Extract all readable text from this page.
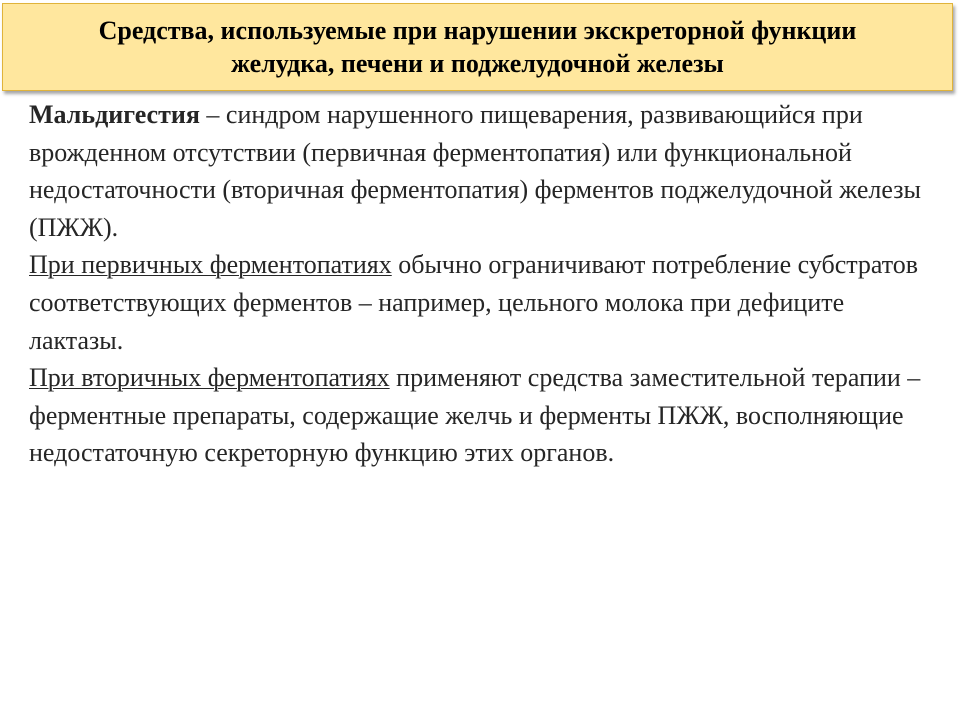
Средства, используемые при нарушении экскреторной функции желудка, печени и поджелудочной железы

Мальдигестия – синдром нарушенного пищеварения, развивающийся при врожденном отсутствии (первичная ферментопатия) или функциональной недостаточности (вторичная ферментопатия) ферментов поджелудочной железы (ПЖЖ).

При первичных ферментопатиях обычно ограничивают потребление субстратов соответствующих ферментов – например, цельного молока при дефиците лактазы.

При вторичных ферментопатиях применяют средства заместительной терапии – ферментные препараты, содержащие желчь и ферменты ПЖЖ, восполняющие недостаточную секреторную функцию этих органов.
